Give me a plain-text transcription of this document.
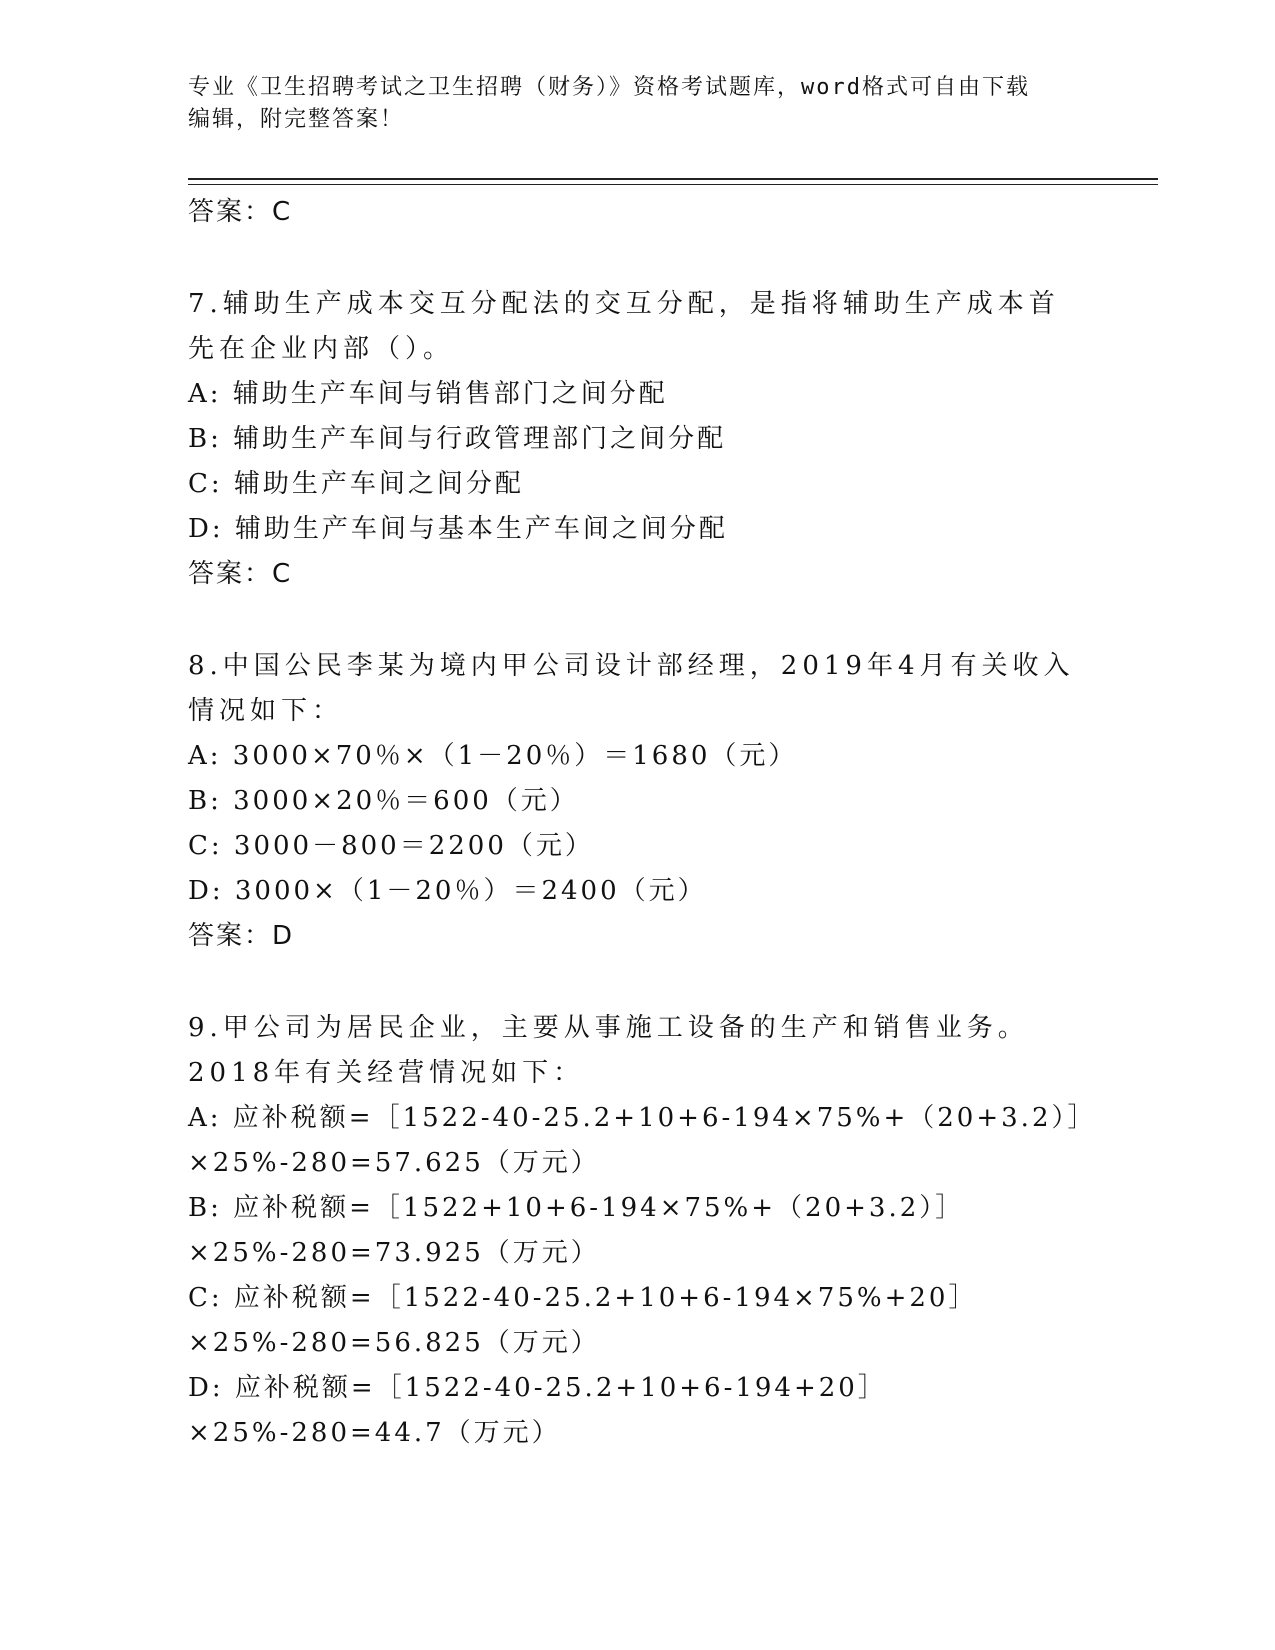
专业《卫生招聘考试之卫生招聘（财务）》资格考试题库，word格式可自由下载
编辑，附完整答案！
答案：C
7.辅助生产成本交互分配法的交互分配，是指将辅助生产成本首先在企业内部（）。
A: 辅助生产车间与销售部门之间分配
B: 辅助生产车间与行政管理部门之间分配
C: 辅助生产车间之间分配
D: 辅助生产车间与基本生产车间之间分配
答案：C
8.中国公民李某为境内甲公司设计部经理，2019年4月有关收入情况如下：
A: 3000×70％×（1－20％）＝1680（元）
B: 3000×20％＝600（元）
C: 3000－800＝2200（元）
D: 3000×（1－20％）＝2400（元）
答案：D
9.甲公司为居民企业，主要从事施工设备的生产和销售业务。2018年有关经营情况如下：
A: 应补税额=［1522-40-25.2+10+6-194×75%+（20+3.2）］×25%-280=57.625（万元）
B: 应补税额=［1522+10+6-194×75%+（20+3.2）］×25%-280=73.925（万元）
C: 应补税额=［1522-40-25.2+10+6-194×75%+20］×25%-280=56.825（万元）
D: 应补税额=［1522-40-25.2+10+6-194+20］×25%-280=44.7（万元）
